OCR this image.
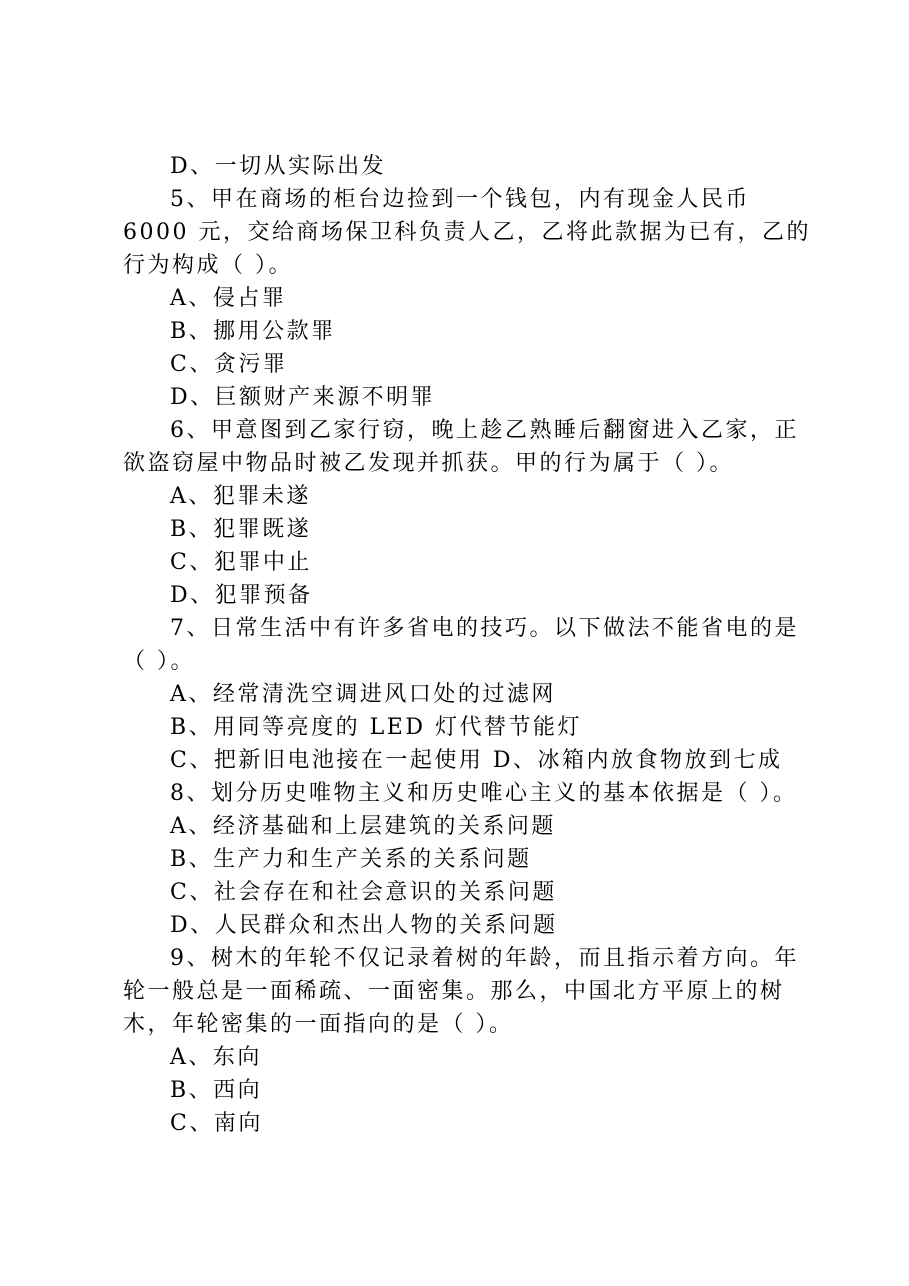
D、一切从实际出发
5、甲在商场的柜台边捡到一个钱包，内有现金人民币
6000 元，交给商场保卫科负责人乙，乙将此款据为已有，乙的
行为构成（ ）。
A、侵占罪
B、挪用公款罪
C、贪污罪
D、巨额财产来源不明罪
6、甲意图到乙家行窃，晚上趁乙熟睡后翻窗进入乙家，正
欲盗窃屋中物品时被乙发现并抓获。甲的行为属于（ ）。
A、犯罪未遂
B、犯罪既遂
C、犯罪中止
D、犯罪预备
7、日常生活中有许多省电的技巧。以下做法不能省电的是
（ ）。
A、经常清洗空调进风口处的过滤网
B、用同等亮度的 LED 灯代替节能灯
C、把新旧电池接在一起使用 D、冰箱内放食物放到七成
8、划分历史唯物主义和历史唯心主义的基本依据是（ ）。
A、经济基础和上层建筑的关系问题
B、生产力和生产关系的关系问题
C、社会存在和社会意识的关系问题
D、人民群众和杰出人物的关系问题
9、树木的年轮不仅记录着树的年龄，而且指示着方向。年
轮一般总是一面稀疏、一面密集。那么，中国北方平原上的树
木，年轮密集的一面指向的是（ ）。
A、东向
B、西向
C、南向
